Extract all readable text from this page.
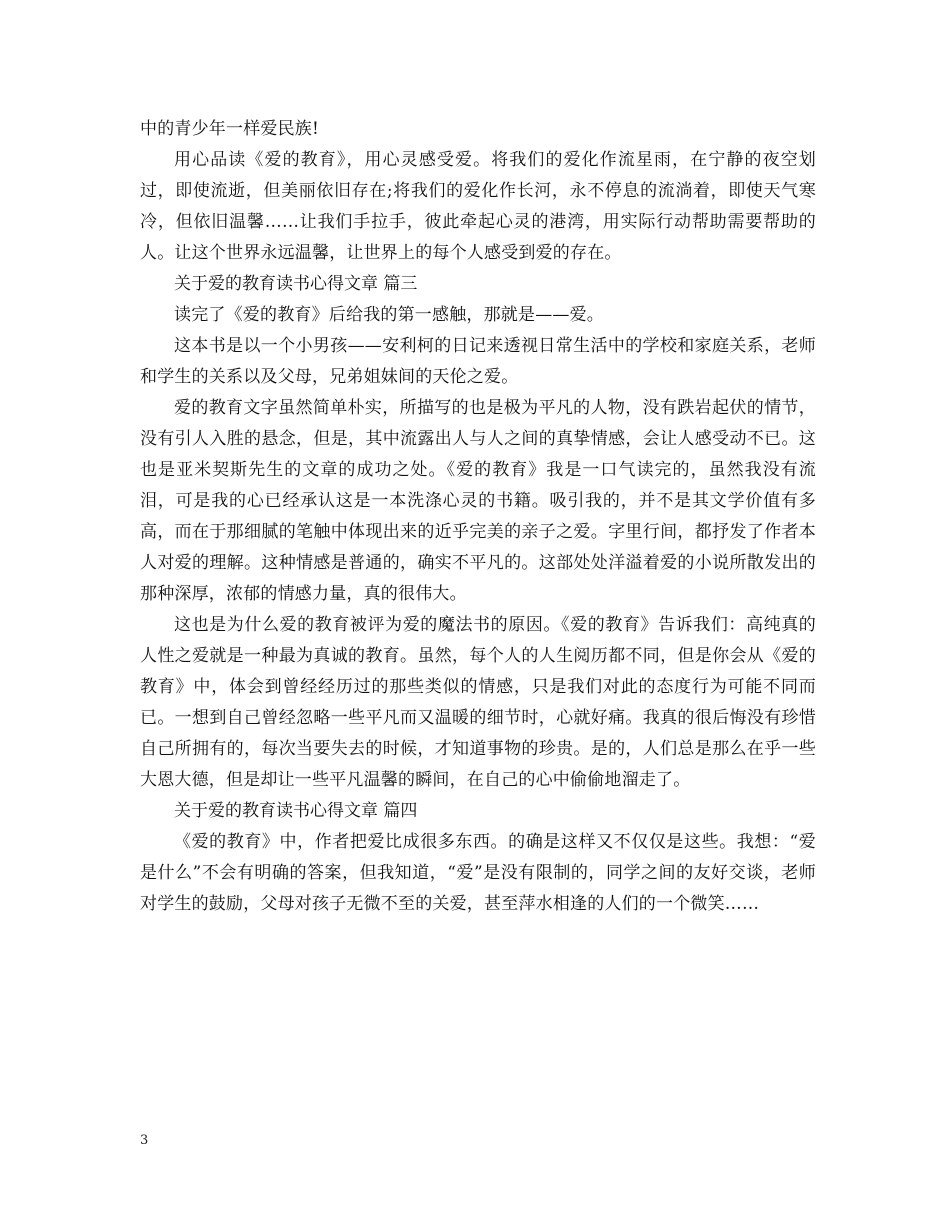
中的青少年一样爱民族!

用心品读《爱的教育》，用心灵感受爱。将我们的爱化作流星雨，在宁静的夜空划过，即使流逝，但美丽依旧存在;将我们的爱化作长河，永不停息的流淌着，即使天气寒冷，但依旧温馨……让我们手拉手，彼此牵起心灵的港湾，用实际行动帮助需要帮助的人。让这个世界永远温馨，让世界上的每个人感受到爱的存在。

关于爱的教育读书心得文章 篇三

读完了《爱的教育》后给我的第一感触，那就是——爱。

这本书是以一个小男孩——安利柯的日记来透视日常生活中的学校和家庭关系，老师和学生的关系以及父母，兄弟姐妹间的天伦之爱。

爱的教育文字虽然简单朴实，所描写的也是极为平凡的人物，没有跌岩起伏的情节，没有引人入胜的悬念，但是，其中流露出人与人之间的真挚情感，会让人感受动不已。这也是亚米契斯先生的文章的成功之处。《爱的教育》我是一口气读完的，虽然我没有流泪，可是我的心已经承认这是一本洗涤心灵的书籍。吸引我的，并不是其文学价值有多高，而在于那细腻的笔触中体现出来的近乎完美的亲子之爱。字里行间，都抒发了作者本人对爱的理解。这种情感是普通的，确实不平凡的。这部处处洋溢着爱的小说所散发出的那种深厚，浓郁的情感力量，真的很伟大。

这也是为什么爱的教育被评为爱的魔法书的原因。《爱的教育》告诉我们：高纯真的人性之爱就是一种最为真诚的教育。虽然，每个人的人生阅历都不同，但是你会从《爱的教育》中，体会到曾经经历过的那些类似的情感，只是我们对此的态度行为可能不同而已。一想到自己曾经忽略一些平凡而又温暖的细节时，心就好痛。我真的很后悔没有珍惜自己所拥有的，每次当要失去的时候，才知道事物的珍贵。是的，人们总是那么在乎一些大恩大德，但是却让一些平凡温馨的瞬间，在自己的心中偷偷地溜走了。

关于爱的教育读书心得文章 篇四

《爱的教育》中，作者把爱比成很多东西。的确是这样又不仅仅是这些。我想：“爱是什么”不会有明确的答案，但我知道，“爱”是没有限制的，同学之间的友好交谈，老师对学生的鼓励，父母对孩子无微不至的关爱，甚至萍水相逢的人们的一个微笑……

3
